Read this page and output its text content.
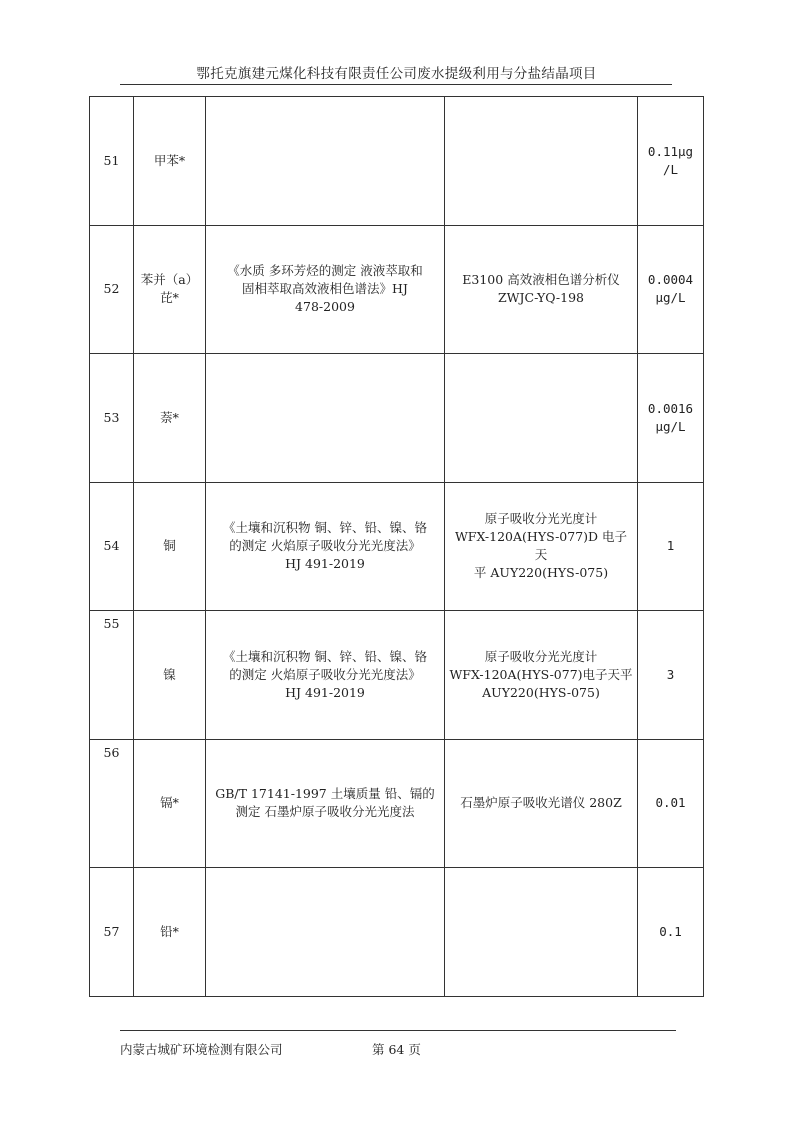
鄂托克旗建元煤化科技有限责任公司废水提级利用与分盐结晶项目
51	甲苯*			0.11μg
/L
52	苯并（a）
芘*	《水质 多环芳烃的测定 液液萃取和
固相萃取高效液相色谱法》HJ
478-2009	E3100 高效液相色谱分析仪
ZWJC-YQ-198	0.0004
μg/L
53	萘*			0.0016
μg/L
54	铜	《土壤和沉积物 铜、锌、铅、镍、铬
的测定 火焰原子吸收分光光度法》
HJ 491-2019	原子吸收分光光度计
WFX-120A(HYS-077)D 电子天
平 AUY220(HYS-075)	1
55	镍	《土壤和沉积物 铜、锌、铅、镍、铬
的测定 火焰原子吸收分光光度法》
HJ 491-2019	原子吸收分光光度计
WFX-120A(HYS-077)电子天平
AUY220(HYS-075)	3
56	镉*	GB/T 17141-1997 土壤质量 铅、镉的
测定 石墨炉原子吸收分光光度法	石墨炉原子吸收光谱仪 280Z	0.01
57	铅*			0.1
内蒙古城矿环境检测有限公司	第 64 页
